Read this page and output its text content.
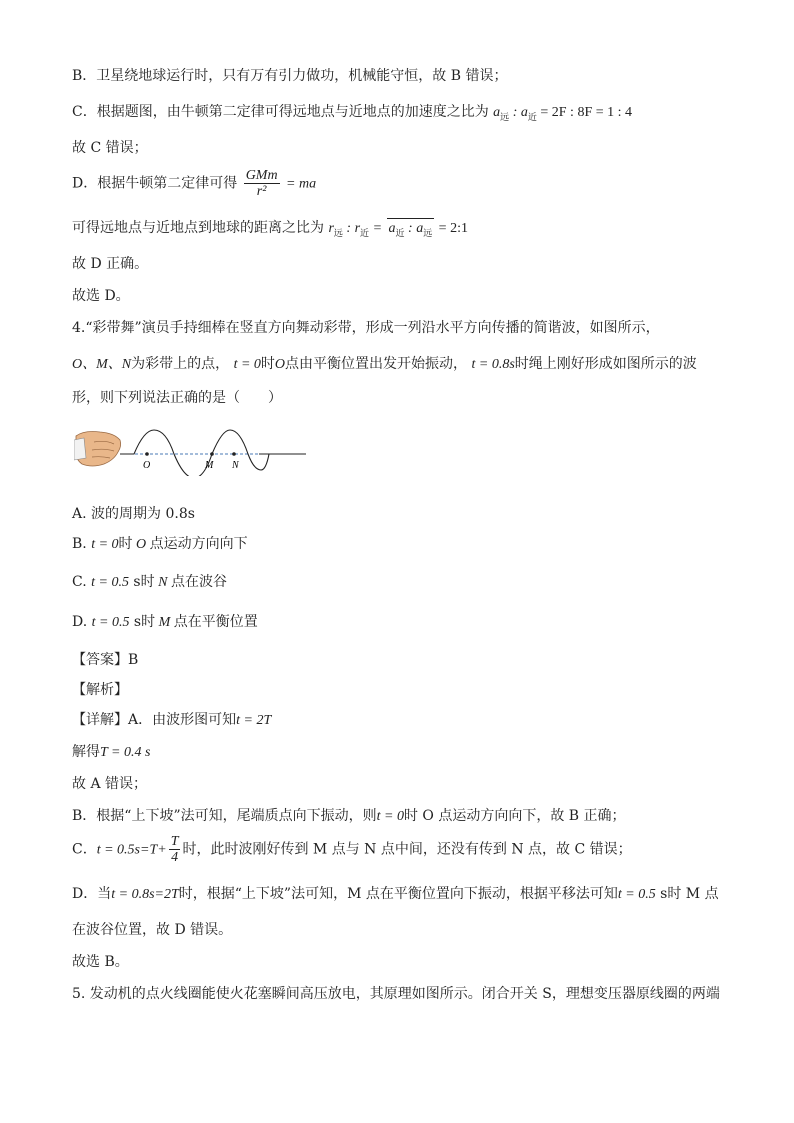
B．卫星绕地球运行时，只有万有引力做功，机械能守恒，故 B 错误；
C．根据题图，由牛顿第二定律可得远地点与近地点的加速度之比为 $a_远$ : $a_近 = 2F$ : 8F = 1 : 4
故 C 错误；
D．根据牛顿第二定律可得 $\frac{\text{GMm}}{\text{r²}}$ = ma
可得远地点与近地点到地球的距离之比为 $r_远$ : $r_近 = a_近$ : $a_远$ = 2:1
故 D 正确。
故选 D。
4.“彩带舞”演员手持细棒在竖直方向舞动彩带，形成一列沿水平方向传播的简谐波，如图所示，
O、M、N为彩带上的点， t = 0时O点由平衡位置出发开始振动， t = 0.8s时绳上刚好形成如图所示的波
形，则下列说法正确的是（　　）
O	M N
A. 波的周期为 0.8s
B. t = 0时 O 点运动方向向下
C. t = 0.5 s时 N 点在波谷
D. t = 0.5 s时 M 点在平衡位置
【答案】B
【解析】
【详解】A．由波形图可知t = 2T
解得T = 0.4 s
故 A 错误；
B．根据“上下坡”法可知，尾端质点向下振动，则t = 0时 O 点运动方向向下，故 B 正确；
C．$t = 0.5s=T+ \frac{T}{4}$ 时，此时波刚好传到 M 点与 N 点中间，还没有传到 N 点，故 C 错误；
D．当t = 0.8s=2T时，根据“上下坡”法可知，M 点在平衡位置向下振动，根据平移法可知t = 0.5 s时 M 点
在波谷位置，故 D 错误。
故选 B。
5. 发动机的点火线圈能使火花塞瞬间高压放电，其原理如图所示。闭合开关 S，理想变压器原线圈的两端
